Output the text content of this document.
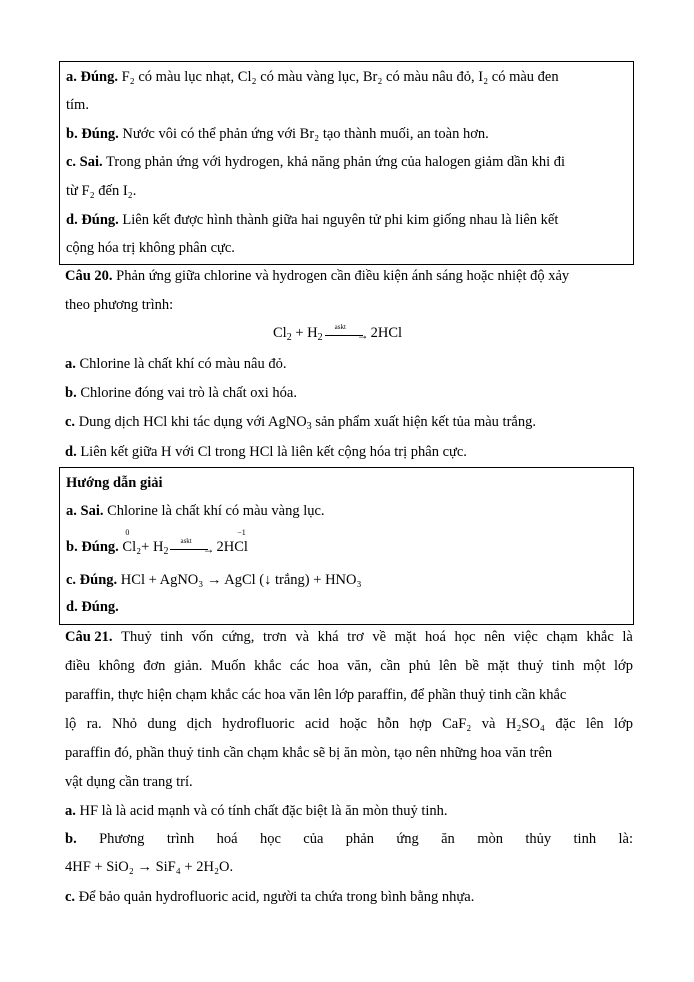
a. Đúng. F₂ có màu lục nhạt, Cl₂ có màu vàng lục, Br₂ có màu nâu đỏ, I₂ có màu đen
tím.
b. Đúng. Nước vôi có thể phản ứng với Br₂ tạo thành muối, an toàn hơn.
c. Sai. Trong phản ứng với hydrogen, khả năng phản ứng của halogen giảm dần khi đi
từ F₂ đến I₂.
d. Đúng. Liên kết được hình thành giữa hai nguyên tử phi kim giống nhau là liên kết
cộng hóa trị không phân cực.
Câu 20. Phản ứng giữa chlorine và hydrogen cần điều kiện ánh sáng hoặc nhiệt độ xảy
theo phương trình:
$Cl_2 + H_2$
askt
→ 2HCl
a. Chlorine là chất khí có màu nâu đỏ.
b. Chlorine đóng vai trò là chất oxi hóa.
c. Dung dịch HCl khi tác dụng với AgNO$_3$ sản phẩm xuất hiện kết tủa màu trắng.
d. Liên kết giữa H với Cl trong HCl là liên kết cộng hóa trị phân cực.
Hướng dẫn giải
a. Sai. Chlorine là chất khí có màu vàng lục.
b. Đúng.
0
$Cl_2+ H_2$
askt
→ 2H
−1
Cl
c. Đúng. HCl + AgNO₃ → AgCl (↓ trắng) + HNO₃
d. Đúng.
Câu 21. Thuỷ tinh vốn cứng, trơn và khá trơ về mặt hoá học nên việc chạm khắc là
điều không đơn giản. Muốn khắc các hoa văn, cần phủ lên bề mặt thuỷ tinh một lớp
paraffin, thực hiện chạm khắc các hoa văn lên lớp paraffin, để phần thuỷ tinh cần khắc
lộ ra. Nhỏ dung dịch hydrofluoric acid hoặc hỗn hợp CaF₂ và H₂SO₄ đặc lên lớp
paraffin đó, phần thuỷ tinh cần chạm khắc sẽ bị ăn mòn, tạo nên những hoa văn trên
vật dụng cần trang trí.
a. HF là là acid mạnh và có tính chất đặc biệt là ăn mòn thuỷ tinh.
b. Phương trình hoá học của phản ứng ăn mòn thủy tinh là:
4HF + SiO₂ → SiF₄ + 2H₂O.
c. Để bảo quản hydrofluoric acid, người ta chứa trong bình bằng nhựa.
